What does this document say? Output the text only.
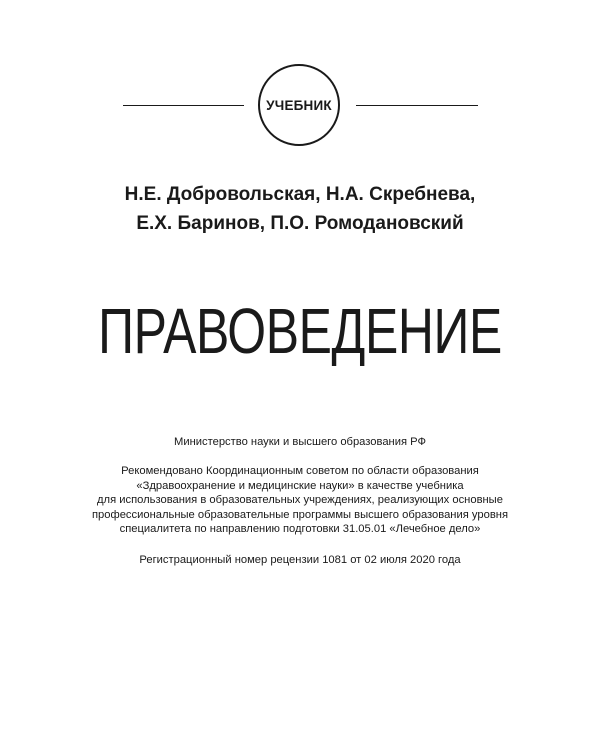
УЧЕБНИК
Н.Е. Добровольская, Н.А. Скребнева,
Е.Х. Баринов, П.О. Ромодановский
ПРАВОВЕДЕНИЕ
Министерство науки и высшего образования РФ
Рекомендовано Координационным советом по области образования
«Здравоохранение и медицинские науки» в качестве учебника
для использования в образовательных учреждениях, реализующих основные
профессиональные образовательные программы высшего образования уровня
специалитета по направлению подготовки 31.05.01 «Лечебное дело»
Регистрационный номер рецензии 1081 от 02 июля 2020 года
